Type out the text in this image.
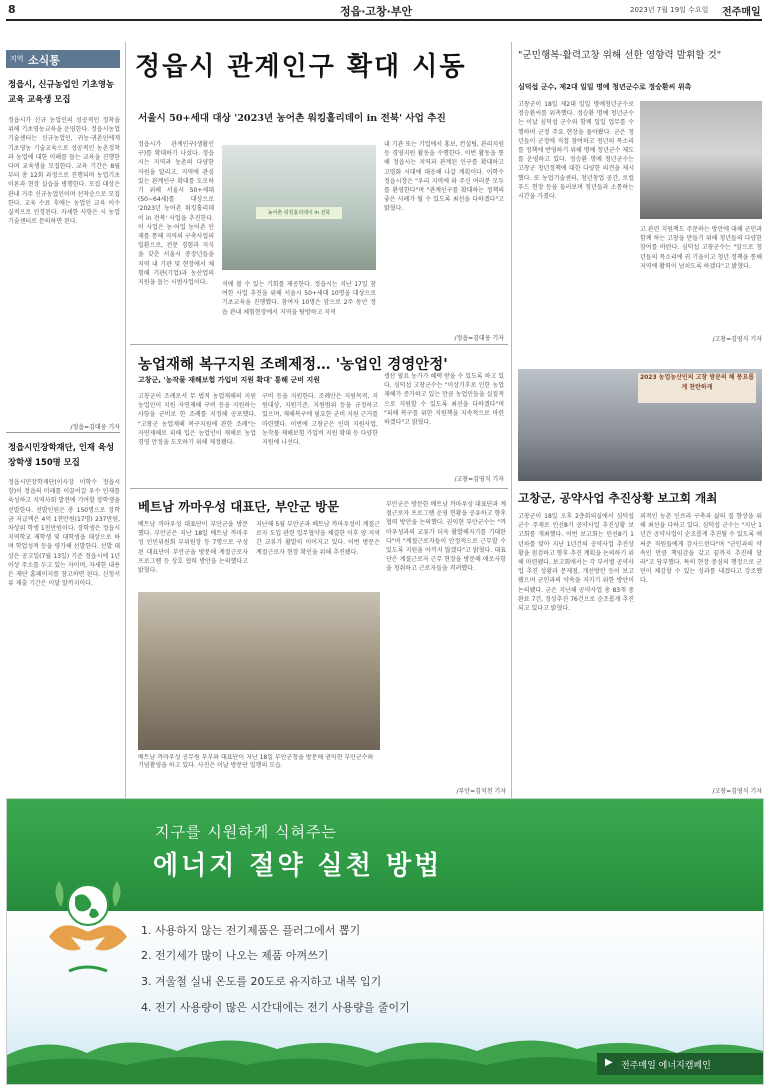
8	정읍·고창·부안	2023년 7월 19일 수요일 전주매일
지역 소식통
정읍시, 신규농업인 기초영농교육 교육생 모집
정읍시가 신규 농업인의 성공적인 정착을 위해 기초영농교육을 운영한다. 정읍시농업기술센터는 신규농업인, 귀농·귀촌인에게 기초영농 기술교육으로 성공적인 농촌정착과 농업에 대한 이해를 돕는 교육을 진행한다며 교육생을 모집한다. 교육 기간은 8월부터 총 12회 과정으로 진행되며 농업기초 이론과 현장 실습을 병행한다. 모집 대상은 관내 거주 신규농업인이며 선착순으로 모집한다. 교육 수료 후에는 농업인 교육 이수 실적으로 인정된다. 자세한 사항은 시 농업기술센터로 문의하면 된다.
/정읍=김대웅 기자
정읍시민장학재단, 인재 육성 장학생 150명 모집
정읍시민장학재단(이사장 이학수 정읍시장)이 정읍의 미래를 이끌어갈 우수 인재를 육성하고 지역사회 발전에 기여할 장학생을 선발한다. 선발인원은 총 150명으로 장학금 지급액은 4억 1천만원(17명) 237만원, 차상위 학생 1천만원이다. 장학생은 정읍시 지역학교 재학생 및 대학생을 대상으로 하며 학업성적 등을 평가해 선발한다. 선발 대상은 공고일(7월 13일) 기준 정읍시에 1년 이상 주소를 두고 있는 자이며, 자세한 내용은 재단 홈페이지를 참고하면 된다. 신청서류 제출 기간은 이달 말까지이다.
정읍시 관계인구 확대 시동
서울시 50+세대 대상 '2023년 농어촌 워킹홀리데이 in 전북' 사업 추진
정읍시가 관계인구(생활인구)를 확대하기 나섰다. 정읍시는 지역과 농촌의 다양한 자원을 알리고, 지역에 관심 있는 관계인구 확대를 도모하기 위해 서울시 50+세대(50~64세)를 대상으로 '2023년 농어촌 워킹홀리데이 in 전북' 사업을 추진한다. 이 사업은 농·어업 농어촌 인재를 통해 지역의 구축사업의 일환으로, 전문 경험과 지식을 갖춘 서울시 중장년들을 지역 내 기관 및 현장에서 체험해 기관(기업)과 농산업의 지원을 돕는 시범사업이다.
농어촌 워킹홀리데이 in 전북
석에 볼 수 있는 기회를 제공한다. 정읍시는 지난 17일 참여한 사업 추진을 위해 서울시 50+세대 10명을 대상으로 기초교육을 진행했다. 참여자 10명은 앞으로 2주 동안 정읍 관내 체험현장에서 지역을 탐방하고 지역
내 기관 또는 기업에서 홍보, 컨설팅, 관리지원 등 경영지원 활동을 수행한다. 이번 활동을 통해 정읍시는 지역과 관계된 인구를 확대하고 고령화 시대에 대응해 나갈 계획이다. 이학수 정읍시장은 "우리 지역에 와 주신 여러분 모두를 환영한다"며 "관계인구를 확대하는 정책의 좋은 사례가 될 수 있도록 최선을 다하겠다"고 밝혔다.
/정읍=김대웅 기자
농업재해 복구지원 조례제정… '농업인 경영안정'
고창군, '농작물 재해보험 가입비 지원 확대' 통해 군비 지원
고창군이 조례로서 무 법적 농업재해의 지원 농업인이 지원 자연재해 구비 등을 지원하는 사항을 군비로 한 조례를 지정해 공포했다. "고창군 농업재해 복구지원에 관한 조례"는 자연재해로 피해 입은 농업인이 재해로 농업경영 안정을 도모하기 위해 제정됐다.
구비 등을 지원한다. 조례안은 지원목적, 지원대상, 지원기준, 지원범위 등을 규정하고 있으며, 재해복구에 필요한 군비 지원 근거를 마련했다. 이번에 고창군은 인력 지원사업, 농작물 재해보험 가입비 지원 확대 등 다양한 지원에 나선다.
생산 필요 농가가 혜택 받을 수 있도록 하고 있다. 심덕섭 고창군수는 "이상기후로 인한 농업재해가 증가하고 있는 만큼 농업인들을 실질적으로 지원할 수 있도록 최선을 다하겠다"며 "피해 복구를 위한 지원책을 지속적으로 마련하겠다"고 밝혔다.
/고창=김영식 기자
베트남 까마우성 대표단, 부안군 방문
베트남 까마우성 대표단이 부안군을 방문했다. 부안군은 지난 18일 베트남 까마우성 인민위원회 부위원장 등 7명으로 구성된 대표단이 부안군을 방문해 계절근로자 프로그램 등 상호 협력 방안을 논의했다고 밝혔다.
지난해 5월 부안군과 베트남 까마우성이 계절근로자 도입 관련 업무협약을 체결한 이후 양 지역 간 교류가 활발히 이어지고 있다. 이번 방문은 계절근로자 현장 확인을 위해 추진됐다.
베트남 까마우성 공무원 부부와 대표단이 지난 18일 부안군청을 방문해 권익현 부안군수와 기념촬영을 하고 있다. 사진은 이날 방문단 일행의 모습.
부안군은 방문한 베트남 까마우성 대표단과 계절근로자 프로그램 운영 현황을 공유하고 향후 협력 방안을 논의했다. 권익현 부안군수는 "까마우성과의 교류가 더욱 활발해지기를 기대한다"며 "계절근로자들이 안정적으로 근무할 수 있도록 지원을 아끼지 않겠다"고 밝혔다. 대표단은 계절근로자 근무 현장을 방문해 애로사항을 청취하고 근로자들을 격려했다.
/부안=김석천 기자
"군민행복·활력고창 위해 선한 영향력 발휘할 것"
심덕섭 군수, 제2대 일일 명예 청년군수로 정승환씨 위촉
고창군이 18일 제2대 일일 명예청년군수로 정승환씨를 위촉했다. 정승환 명예 청년군수는 이날 심덕섭 군수와 함께 일일 업무를 수행하며 군정 주요 현장을 돌아봤다. 군은 청년들이 군정에 직접 참여하고 청년의 목소리를 정책에 반영하기 위해 명예 청년군수 제도를 운영하고 있다. 정승환 명예 청년군수는 고창군 청년정책에 대한 다양한 의견을 제시했다. 또 농업기술센터, 청년창업 공간, 로컬푸드 현장 등을 둘러보며 청년들과 소통하는 시간을 가졌다.
고 관련 지원책도 주문하는 방안에 대해 군민과 함께 하는 고창을 만들기 위해 청년들의 다양한 참여를 바란다. 심덕섭 고창군수는 "앞으로 청년들의 목소리에 귀 기울이고 청년 정책을 통해 지역에 활력이 넘치도록 하겠다"고 밝혔다.
/고창=김영식 기자
2023 농업농산인의 고창 방문의 해 풍요롭게 찬란하게
고창군, 공약사업 추진상황 보고회 개최
고창군이 18일 오후 2층회의실에서 심덕섭 군수 주재로 민선8기 공약사업 추진상황 보고회를 개최했다. 이번 보고회는 민선8기 1년차를 맞아 지난 1년간의 공약사업 추진상황을 점검하고 향후 추진 계획을 논의하기 위해 마련됐다. 보고회에서는 각 부서별 공약사업 추진 상황과 문제점, 개선방안 등이 보고됐으며 군민과의 약속을 지키기 위한 방안이 논의됐다. 군은 지난해 공약사업 총 83개 중 완료 7건, 정상추진 76건으로 순조롭게 추진되고 있다고 밝혔다.
외적인 농촌 인프라 구축과 삶의 질 향상을 위해 최선을 다하고 있다. 심덕섭 군수는 "지난 1년간 공약사업이 순조롭게 추진될 수 있도록 애써준 직원들에게 감사드린다"며 "군민과의 약속인 만큼 책임감을 갖고 끝까지 추진해 달라"고 당부했다. 특히 현장 중심의 행정으로 군민이 체감할 수 있는 성과를 내겠다고 강조했다.
/고창=김영식 기자
지구를 시원하게 식혀주는
에너지 절약 실천 방법
1. 사용하지 않는 전기제품은 플러그에서 뽑기
2. 전기세가 많이 나오는 제품 아껴쓰기
3. 겨울철 실내 온도를 20도로 유지하고 내복 입기
4. 전기 사용량이 많은 시간대에는 전기 사용량을 줄이기
▶ 전주매일 에너지캠페인
